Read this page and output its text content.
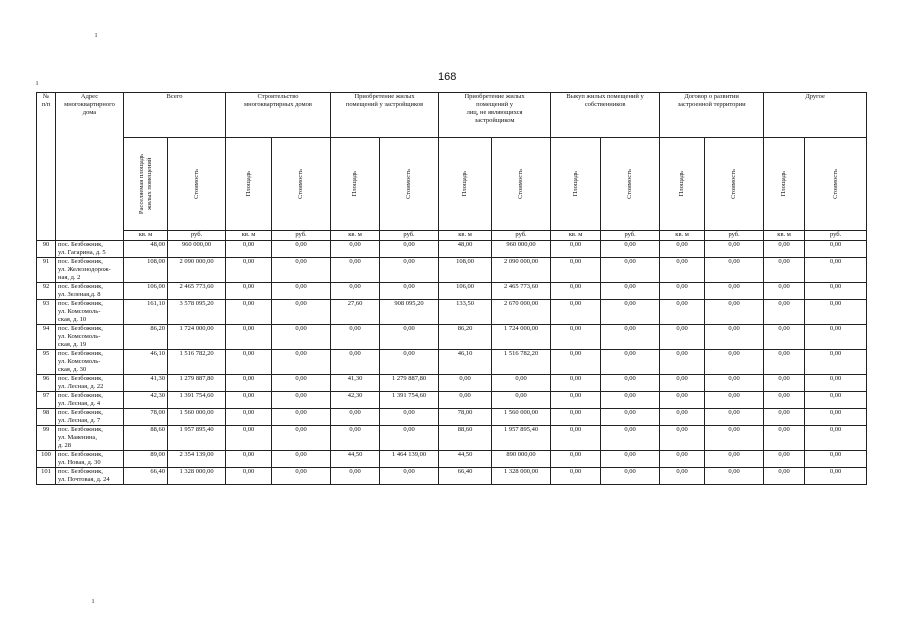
168
ı
ı
ı
№
п/п	Адрес
многоквартирного
дома	Всего		Строительство
многоквартирных домов		Приобретение жилых
помещений у застройщиков		Приобретение жилых
помещений у
лиц, не являющихся
застройщиком		Выкуп жилых помещений у
собственников		Договор о развитии
застроенной территории		Другое	

		Расселяемая площадь
жилых помещений	Стоимость	Площадь	Стоимость	Площадь	Стоимость	Площадь	Стоимость	Площадь	Стоимость	Площадь	Стоимость	Площадь	Стоимость

		кв. м	руб.	кв. м	руб.	кв. м	руб.	кв. м	руб.	кв. м	руб.	кв. м	руб.	кв. м	руб.
90	пос. Безбожник,
ул. Гагарина, д. 5	48,00	960 000,00	0,00	0,00	0,00	0,00	48,00	960 000,00	0,00	0,00	0,00	0,00	0,00	0,00
91	пос. Безбожник,
ул. Железнодорож-
ная, д. 2	108,00	2 090 000,00	0,00	0,00	0,00	0,00	108,00	2 090 000,00	0,00	0,00	0,00	0,00	0,00	0,00
92	пос. Безбожник,
ул. Зеленая,д. 8	106,00	2 465 773,60	0,00	0,00	0,00	0,00	106,00	2 465 773,60	0,00	0,00	0,00	0,00	0,00	0,00
93	пос. Безбожник,
ул. Комсомоль-
ская, д. 10	161,10	3 578 095,20	0,00	0,00	27,60	908 095,20	133,50	2 670 000,00	0,00	0,00	0,00	0,00	0,00	0,00
94	пос. Безбожник,
ул. Комсомоль-
ская, д. 19	86,20	1 724 000,00	0,00	0,00	0,00	0,00	86,20	1 724 000,00	0,00	0,00	0,00	0,00	0,00	0,00
95	пос. Безбожник,
ул. Комсомоль-
ская, д. 30	46,10	1 516 782,20	0,00	0,00	0,00	0,00	46,10	1 516 782,20	0,00	0,00	0,00	0,00	0,00	0,00
96	пос. Безбожник,
ул. Лесная, д. 22	41,30	1 279 887,80	0,00	0,00	41,30	1 279 887,80	0,00	0,00	0,00	0,00	0,00	0,00	0,00	0,00
97	пос. Безбожник,
ул. Лесная, д. 4	42,30	1 391 754,60	0,00	0,00	42,30	1 391 754,60	0,00	0,00	0,00	0,00	0,00	0,00	0,00	0,00
98	пос. Безбожник,
ул. Лесная, д. 7	78,00	1 560 000,00	0,00	0,00	0,00	0,00	78,00	1 560 000,00	0,00	0,00	0,00	0,00	0,00	0,00
99	пос. Безбожник,
ул. Маяенина,
д. 28	88,60	1 957 895,40	0,00	0,00	0,00	0,00	88,60	1 957 895,40	0,00	0,00	0,00	0,00	0,00	0,00
100	пос. Безбожник,
ул. Новая, д. 30	89,00	2 354 139,00	0,00	0,00	44,50	1 464 139,00	44,50	890 000,00	0,00	0,00	0,00	0,00	0,00	0,00
101	пос. Безбожник,
ул. Почтовая, д. 24	66,40	1 328 000,00	0,00	0,00	0,00	0,00	66,40	1 328 000,00	0,00	0,00	0,00	0,00	0,00	0,00
